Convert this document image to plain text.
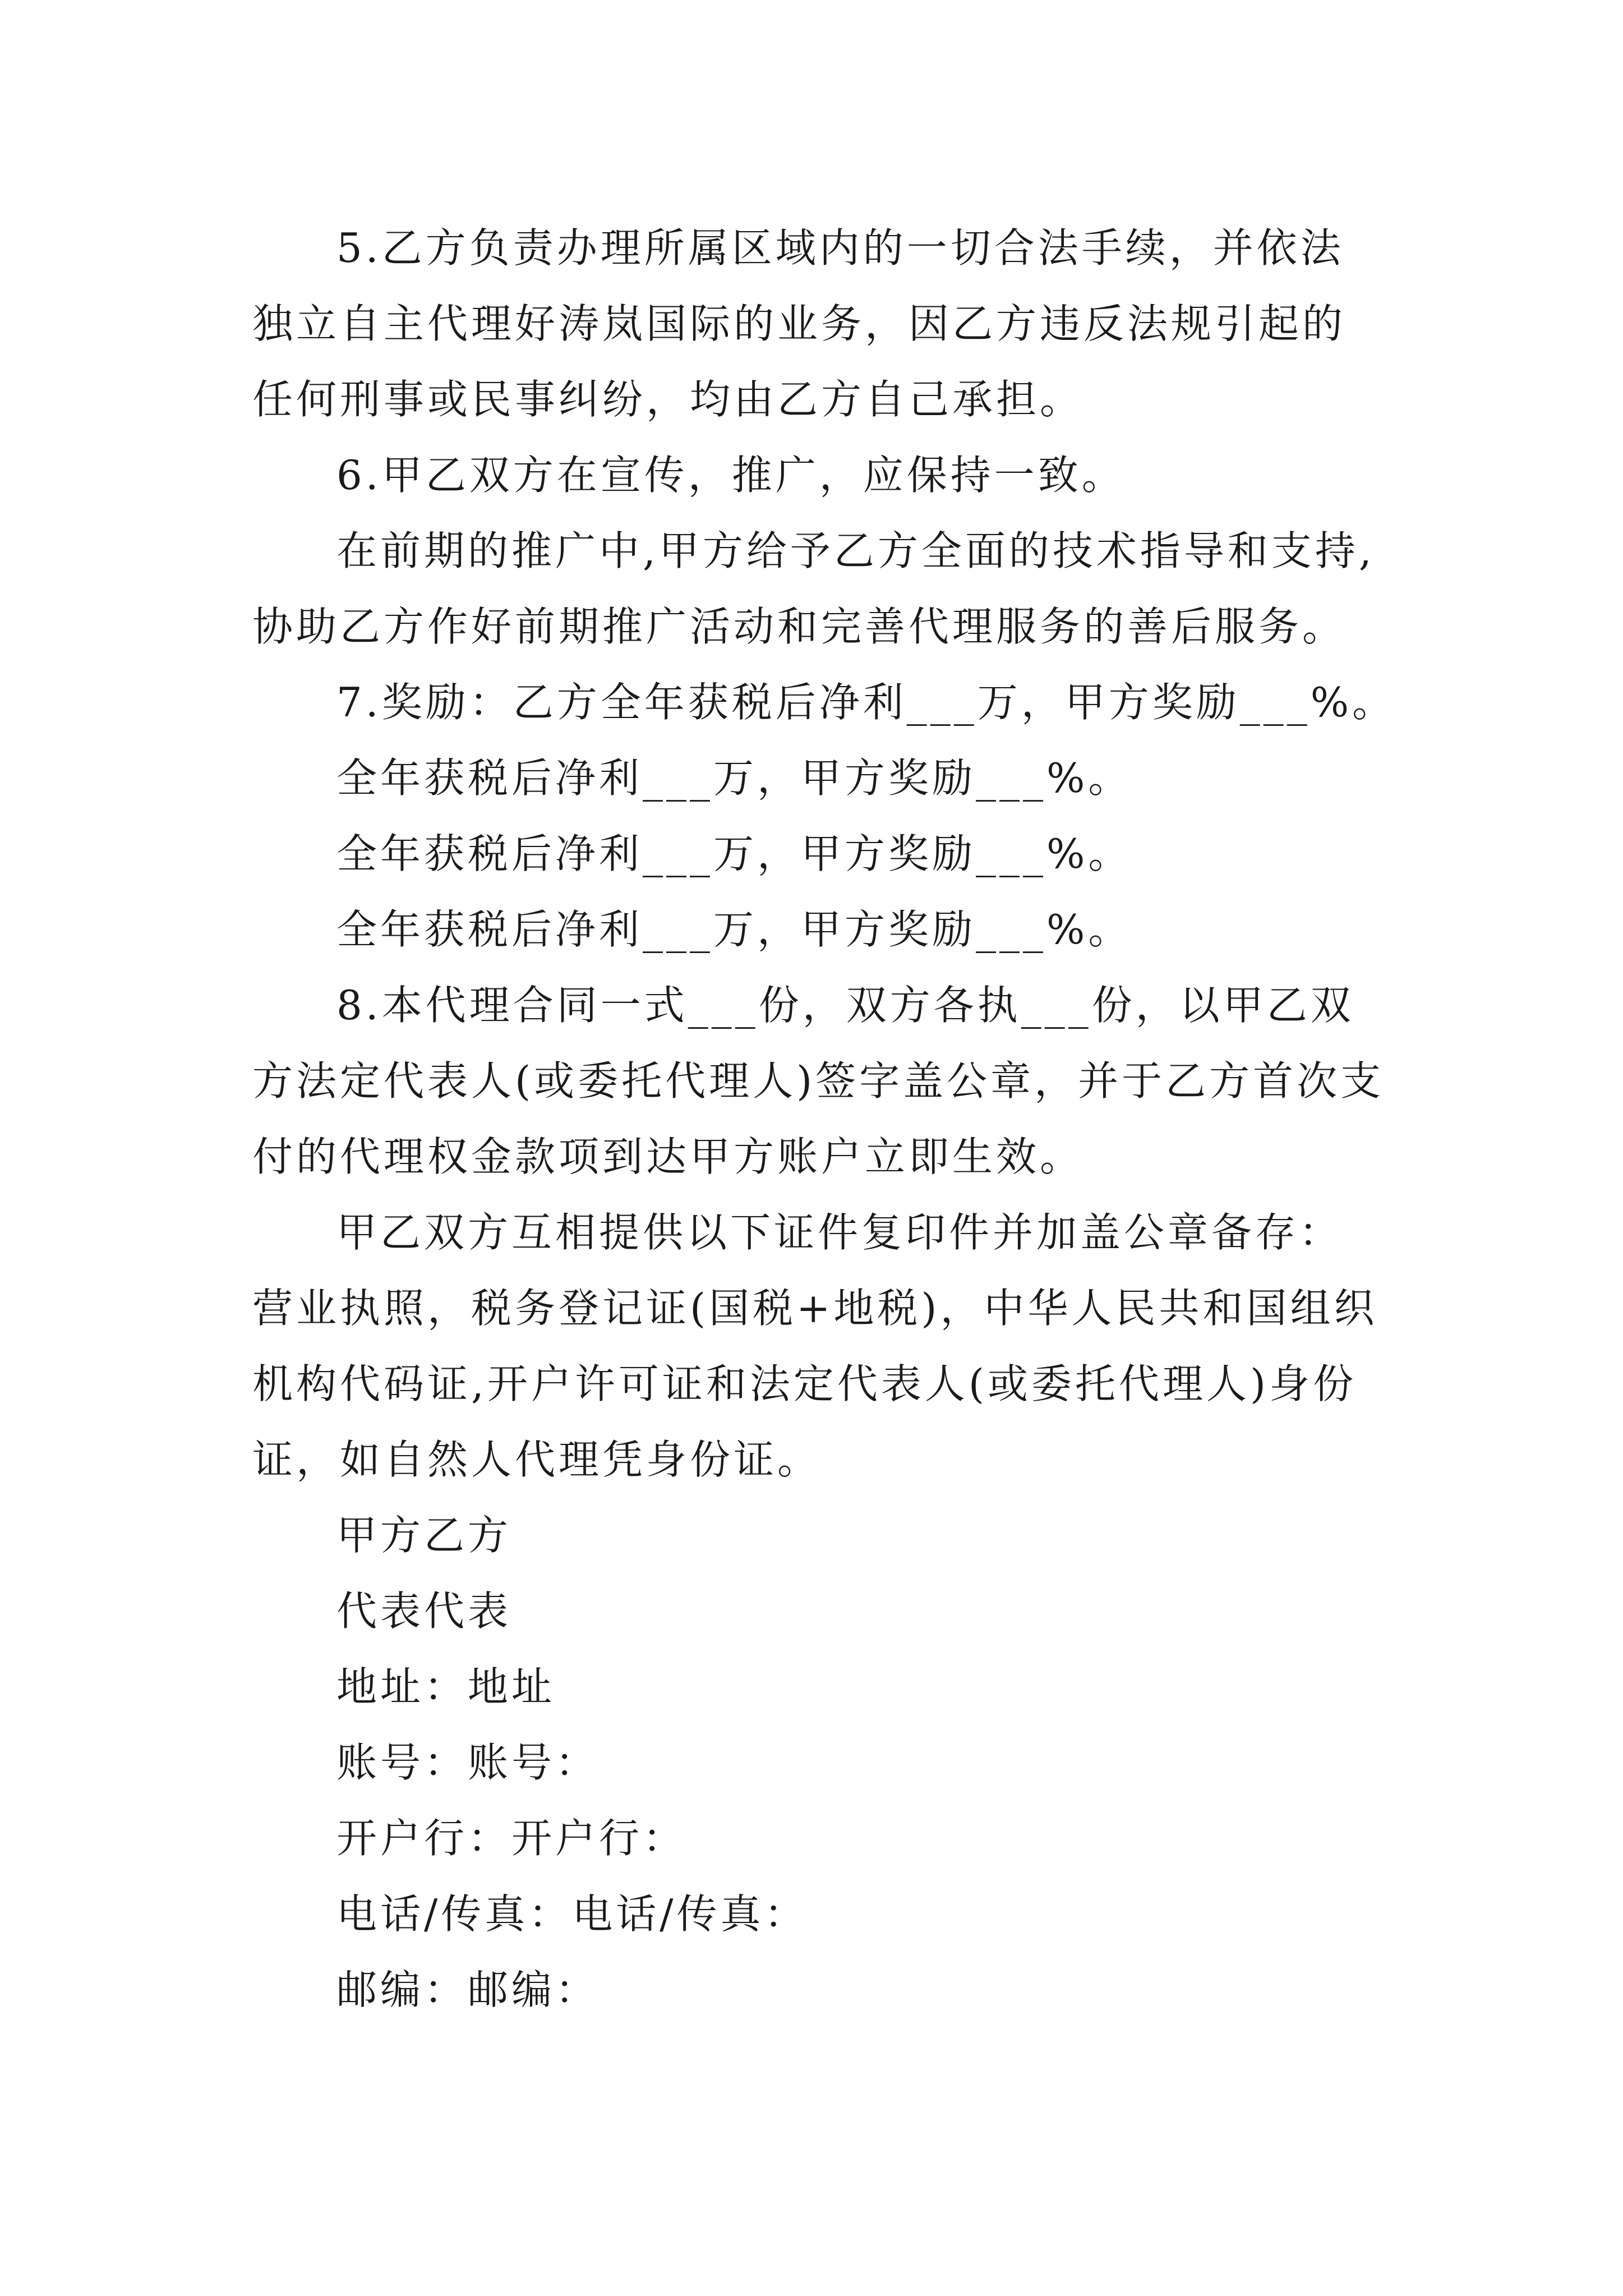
5.乙方负责办理所属区域内的一切合法手续，并依法独立自主代理好涛岚国际的业务，因乙方违反法规引起的任何刑事或民事纠纷，均由乙方自己承担。

6.甲乙双方在宣传，推广，应保持一致。

在前期的推广中,甲方给予乙方全面的技术指导和支持,协助乙方作好前期推广活动和完善代理服务的善后服务。

7.奖励：乙方全年获税后净利___万，甲方奖励___%。

全年获税后净利___万，甲方奖励___%。

全年获税后净利___万，甲方奖励___%。

全年获税后净利___万，甲方奖励___%。

8.本代理合同一式___份，双方各执___份，以甲乙双方法定代表人(或委托代理人)签字盖公章，并于乙方首次支付的代理权金款项到达甲方账户立即生效。

甲乙双方互相提供以下证件复印件并加盖公章备存：营业执照，税务登记证(国税+地税)，中华人民共和国组织机构代码证,开户许可证和法定代表人(或委托代理人)身份证，如自然人代理凭身份证。

甲方乙方

代表代表

地址：地址

账号：账号：

开户行：开户行：

电话/传真：电话/传真：

邮编：邮编：
